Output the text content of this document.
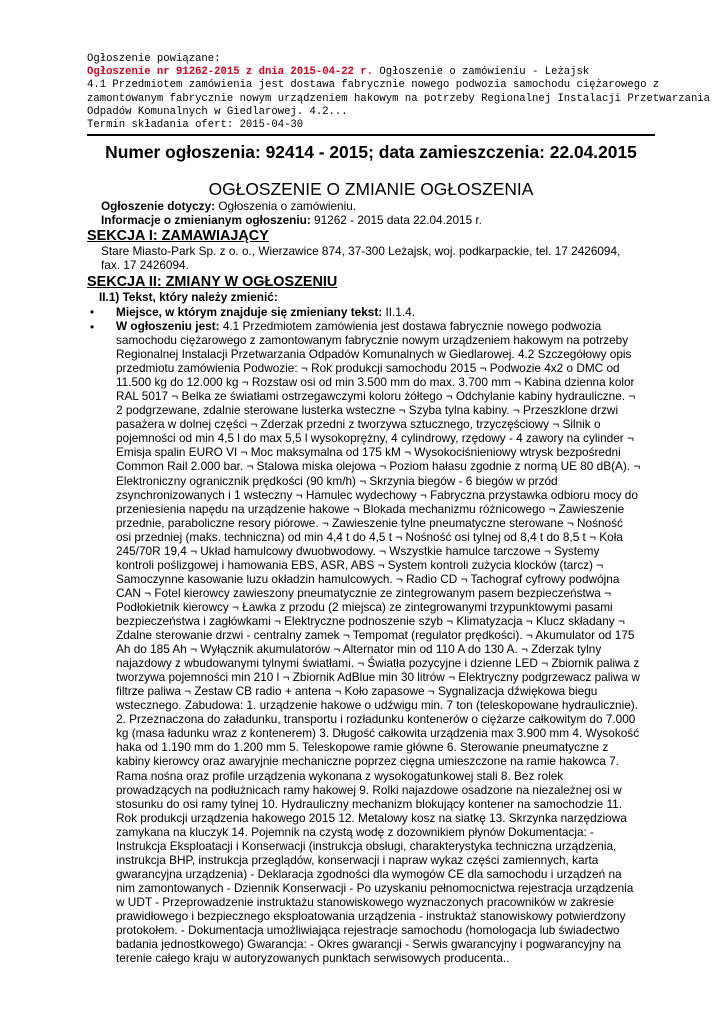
Ogłoszenie powiązane:
Ogłoszenie nr 91262-2015 z dnia 2015-04-22 r. Ogłoszenie o zamówieniu - Leżajsk
4.1 Przedmiotem zamówienia jest dostawa fabrycznie nowego podwozia samochodu ciężarowego z
zamontowanym fabrycznie nowym urządzeniem hakowym na potrzeby Regionalnej Instalacji Przetwarzania
Odpadów Komunalnych w Giedlarowej. 4.2...
Termin składania ofert: 2015-04-30
Numer ogłoszenia: 92414 - 2015; data zamieszczenia: 22.04.2015
OGŁOSZENIE O ZMIANIE OGŁOSZENIA
Ogłoszenie dotyczy: Ogłoszenia o zamówieniu.
Informacje o zmienianym ogłoszeniu: 91262 - 2015 data 22.04.2015 r.
SEKCJA I: ZAMAWIAJĄCY
Stare Miasto-Park Sp. z o. o., Wierzawice 874, 37-300 Leżajsk, woj. podkarpackie, tel. 17 2426094,
fax. 17 2426094.
SEKCJA II: ZMIANY W OGŁOSZENIU
II.1) Tekst, który należy zmienić:
•	Miejsce, w którym znajduje się zmieniany tekst: II.1.4.
•	W ogłoszeniu jest: 4.1 Przedmiotem zamówienia jest dostawa fabrycznie nowego podwozia
samochodu ciężarowego z zamontowanym fabrycznie nowym urządzeniem hakowym na potrzeby
Regionalnej Instalacji Przetwarzania Odpadów Komunalnych w Giedlarowej. 4.2 Szczegółowy opis
przedmiotu zamówienia Podwozie: ¬ Rok produkcji samochodu 2015 ¬ Podwozie 4x2 o DMC od
11.500 kg do 12.000 kg ¬ Rozstaw osi od min 3.500 mm do max. 3.700 mm ¬ Kabina dzienna kolor
RAL 5017 ¬ Belka ze światłami ostrzegawczymi koloru żółtego ¬ Odchylanie kabiny hydrauliczne. ¬
2 podgrzewane, zdalnie sterowane lusterka wsteczne ¬ Szyba tylna kabiny. ¬ Przeszklone drzwi
pasażera w dolnej części ¬ Zderzak przedni z tworzywa sztucznego, trzyczęściowy ¬ Silnik o
pojemności od min 4,5 l do max 5,5 l wysokoprężny, 4 cylindrowy, rzędowy - 4 zawory na cylinder ¬
Emisja spalin EURO VI ¬ Moc maksymalna od 175 kM ¬ Wysokociśnieniowy wtrysk bezpośredni
Common Rail 2.000 bar. ¬ Stalowa miska olejowa ¬ Poziom hałasu zgodnie z normą UE 80 dB(A). ¬
Elektroniczny ogranicznik prędkości (90 km/h) ¬ Skrzynia biegów - 6 biegów w przód
zsynchronizowanych i 1 wsteczny ¬ Hamulec wydechowy ¬ Fabryczna przystawka odbioru mocy do
przeniesienia napędu na urządzenie hakowe ¬ Blokada mechanizmu różnicowego ¬ Zawieszenie
przednie, paraboliczne resory piórowe. ¬ Zawieszenie tylne pneumatyczne sterowane ¬ Nośność
osi przedniej (maks. techniczna) od min 4,4 t do 4,5 t ¬ Nośność osi tylnej od 8,4 t do 8,5 t ¬ Koła
245/70R 19,4 ¬ Układ hamulcowy dwuobwodowy. ¬ Wszystkie hamulce tarczowe ¬ Systemy
kontroli poślizgowej i hamowania EBS, ASR, ABS ¬ System kontroli zużycia klocków (tarcz) ¬
Samoczynne kasowanie luzu okładzin hamulcowych. ¬ Radio CD ¬ Tachograf cyfrowy podwójna
CAN ¬ Fotel kierowcy zawieszony pneumatycznie ze zintegrowanym pasem bezpieczeństwa ¬
Podłokietnik kierowcy ¬ Ławka z przodu (2 miejsca) ze zintegrowanymi trzypunktowymi pasami
bezpieczeństwa i zagłówkami ¬ Elektryczne podnoszenie szyb ¬ Klimatyzacja ¬ Klucz składany ¬
Zdalne sterowanie drzwi - centralny zamek ¬ Tempomat (regulator prędkości). ¬ Akumulator od 175
Ah do 185 Ah ¬ Wyłącznik akumulatorów ¬ Alternator min od 110 A do 130 A. ¬ Zderzak tylny
najazdowy z wbudowanymi tylnymi światłami. ¬ Światła pozycyjne i dzienne LED ¬ Zbiornik paliwa z
tworzywa pojemności min 210 l ¬ Zbiornik AdBlue min 30 litrów ¬ Elektryczny podgrzewacz paliwa w
filtrze paliwa ¬ Zestaw CB radio + antena ¬ Koło zapasowe ¬ Sygnalizacja dźwiękowa biegu
wstecznego. Zabudowa: 1. urządzenie hakowe o udźwigu min. 7 ton (teleskopowane hydraulicznie).
2. Przeznaczona do załadunku, transportu i rozładunku kontenerów o ciężarze całkowitym do 7.000
kg (masa ładunku wraz z kontenerem) 3. Długość całkowita urządzenia max 3.900 mm 4. Wysokość
haka od 1.190 mm do 1.200 mm 5. Teleskopowe ramie główne 6. Sterowanie pneumatyczne z
kabiny kierowcy oraz awaryjnie mechaniczne poprzez cięgna umieszczone na ramie hakowca 7.
Rama nośna oraz profile urządzenia wykonana z wysokogatunkowej stali 8. Bez rolek
prowadzących na podłużnicach ramy hakowej 9. Rolki najazdowe osadzone na niezależnej osi w
stosunku do osi ramy tylnej 10. Hydrauliczny mechanizm blokujący kontener na samochodzie 11.
Rok produkcji urządzenia hakowego 2015 12. Metalowy kosz na siatkę 13. Skrzynka narzędziowa
zamykana na kluczyk 14. Pojemnik na czystą wodę z dozownikiem płynów Dokumentacja: -
Instrukcja Eksploatacji i Konserwacji (instrukcja obsługi, charakterystyka techniczna urządzenia,
instrukcja BHP, instrukcja przeglądów, konserwacji i napraw wykaz części zamiennych, karta
gwarancyjna urządzenia) - Deklaracja zgodności dla wymogów CE dla samochodu i urządzeń na
nim zamontowanych - Dziennik Konserwacji - Po uzyskaniu pełnomocnictwa rejestracja urządzenia
w UDT - Przeprowadzenie instruktażu stanowiskowego wyznaczonych pracowników w zakresie
prawidłowego i bezpiecznego eksploatowania urządzenia - instruktaż stanowiskowy potwierdzony
protokołem. - Dokumentacja umożliwiająca rejestracje samochodu (homologacja lub świadectwo
badania jednostkowego) Gwarancja: - Okres gwarancji - Serwis gwarancyjny i pogwarancyjny na
terenie całego kraju w autoryzowanych punktach serwisowych producenta..
